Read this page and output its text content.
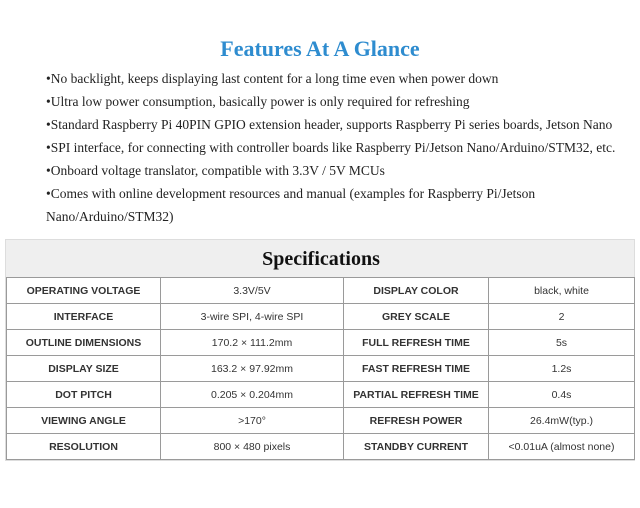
Features At A Glance
• No backlight, keeps displaying last content for a long time even when power down
• Ultra low power consumption, basically power is only required for refreshing
• Standard Raspberry Pi 40PIN GPIO extension header, supports Raspberry Pi series boards, Jetson Nano
• SPI interface, for connecting with controller boards like Raspberry Pi/Jetson Nano/Arduino/STM32, etc.
• Onboard voltage translator, compatible with 3.3V / 5V MCUs
• Comes with online development resources and manual (examples for Raspberry Pi/Jetson Nano/Arduino/STM32)
Specifications
OPERATING VOLTAGE	3.3V/5V	DISPLAY COLOR	black, white
INTERFACE	3-wire SPI, 4-wire SPI	GREY SCALE	2
OUTLINE DIMENSIONS	170.2 × 111.2mm	FULL REFRESH TIME	5s
DISPLAY SIZE	163.2 × 97.92mm	FAST REFRESH TIME	1.2s
DOT PITCH	0.205 × 0.204mm	PARTIAL REFRESH TIME	0.4s
VIEWING ANGLE	>170°	REFRESH POWER	26.4mW(typ.)
RESOLUTION	800 × 480 pixels	STANDBY CURRENT	<0.01uA (almost none)
